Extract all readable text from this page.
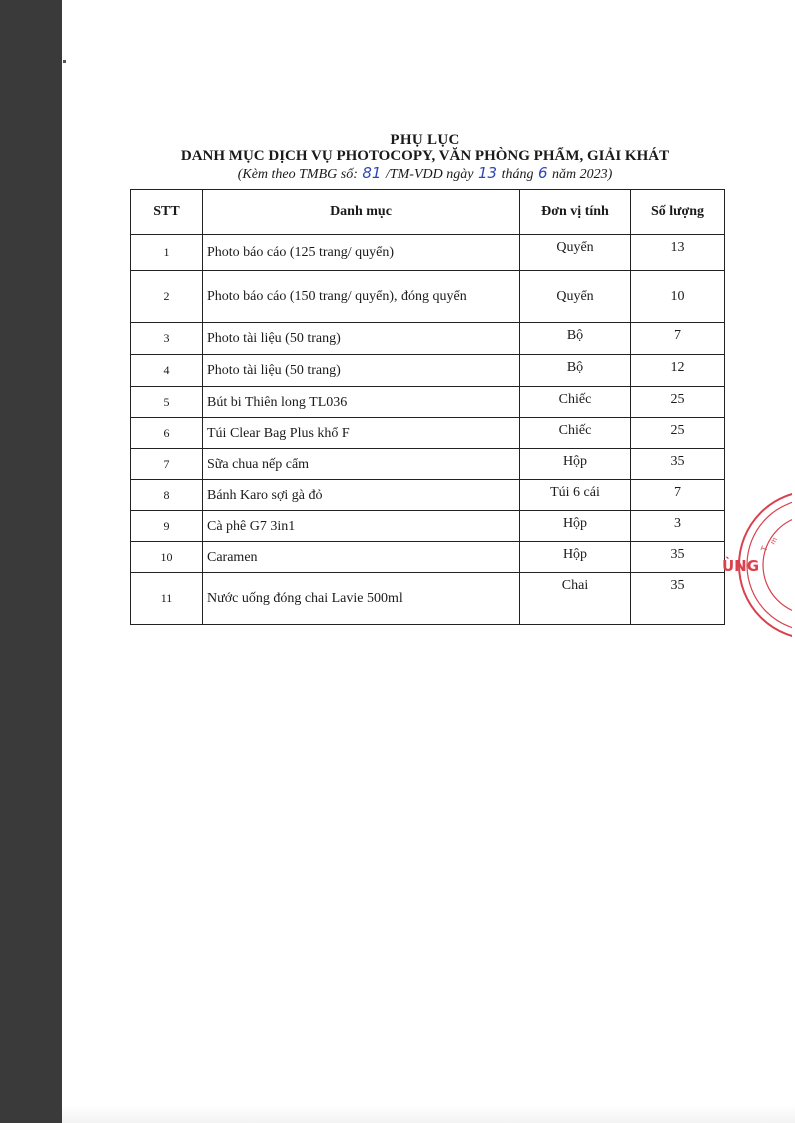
PHỤ LỤC
DANH MỤC DỊCH VỤ PHOTOCOPY, VĂN PHÒNG PHẨM, GIẢI KHÁT
(Kèm theo TMBG số: 81 /TM-VDD ngày 13 tháng 6 năm 2023)
STT	Danh mục	Đơn vị tính	Số lượng
1	Photo báo cáo (125 trang/ quyển)	Quyển	13
2	Photo báo cáo (150 trang/ quyển), đóng quyển	Quyển	10
3	Photo tài liệu (50 trang)	Bộ	7
4	Photo tài liệu (50 trang)	Bộ	12
5	Bút bi Thiên long TL036	Chiếc	25
6	Túi Clear Bag Plus khổ F	Chiếc	25
7	Sữa chua nếp cẩm	Hộp	35
8	Bánh Karo sợi gà đỏ	Túi 6 cái	7
9	Cà phê G7 3in1	Hộp	3
10	Caramen	Hộp	35
11	Nước uống đóng chai Lavie 500ml	Chai	35
T
m
ÙNG
